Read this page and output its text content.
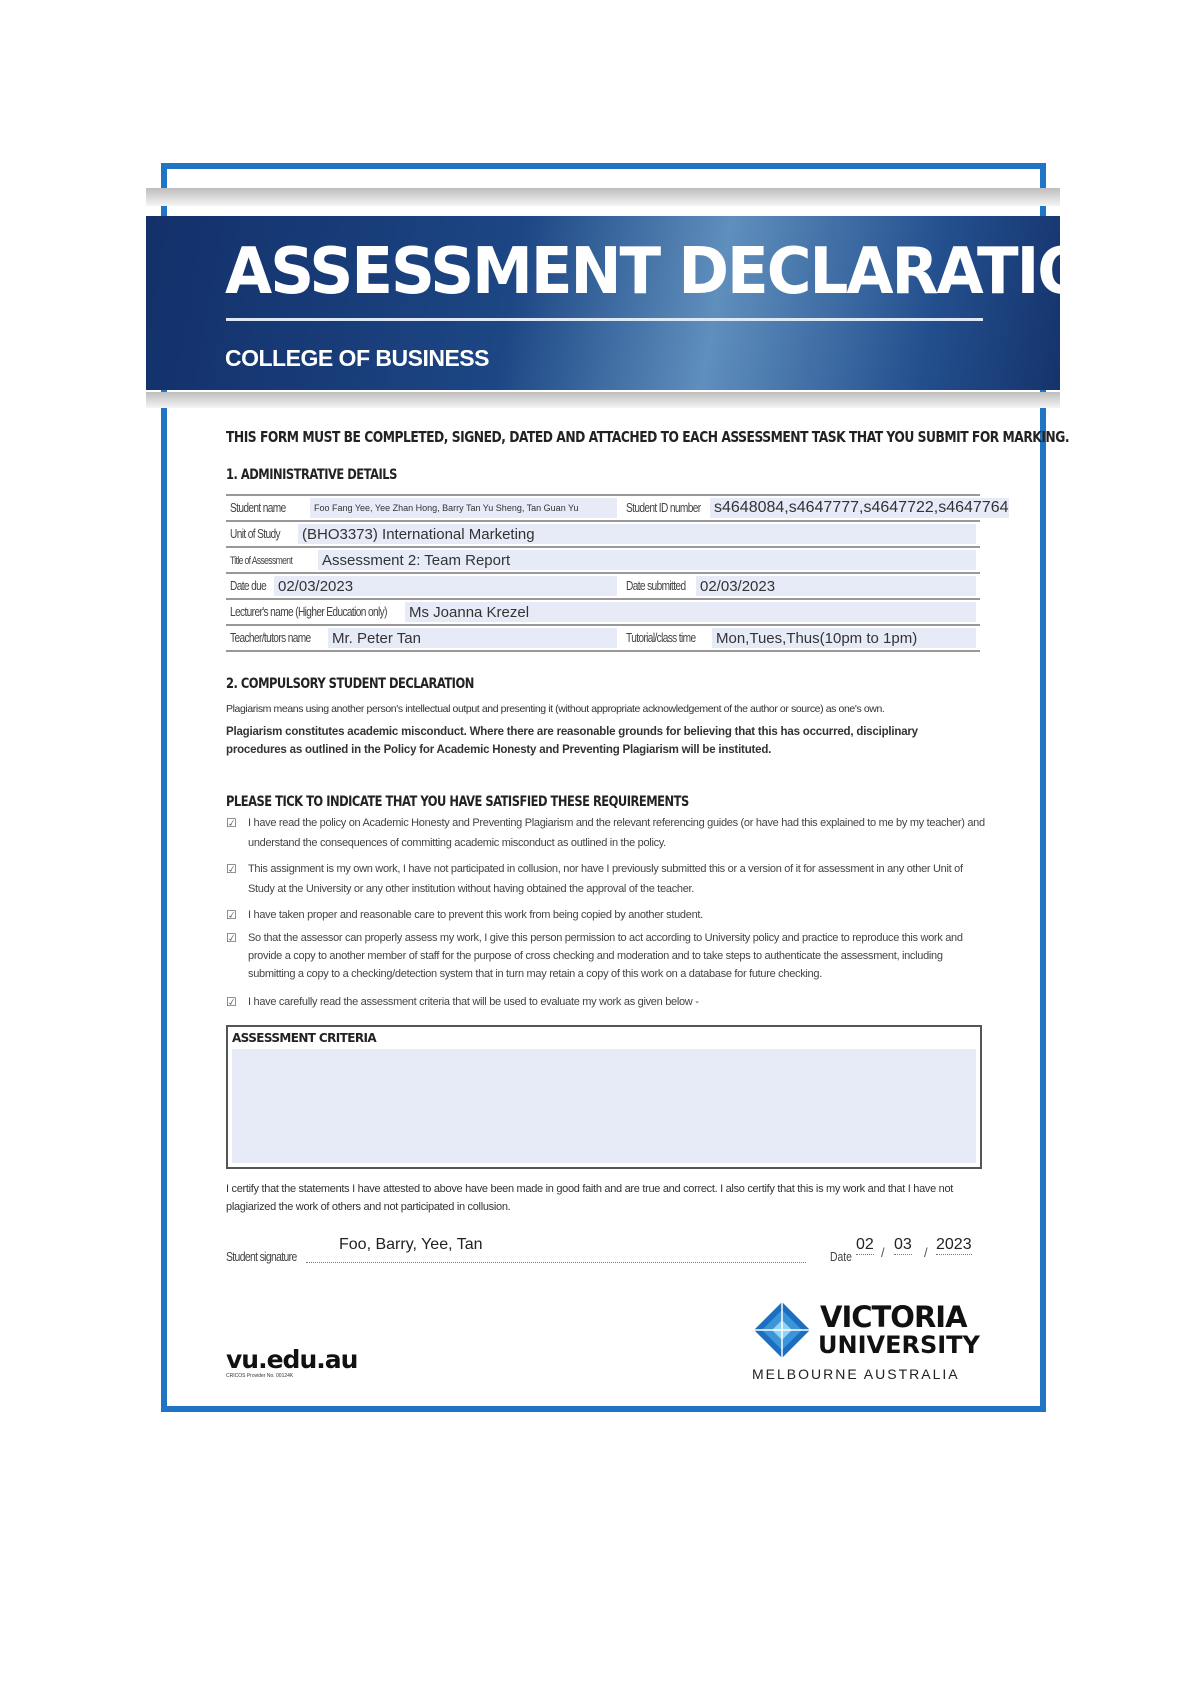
ASSESSMENT DECLARATION
COLLEGE OF BUSINESS
THIS FORM MUST BE COMPLETED, SIGNED, DATED AND ATTACHED TO EACH ASSESSMENT TASK THAT YOU SUBMIT FOR MARKING.
1. ADMINISTRATIVE DETAILS
Student name	Foo Fang Yee, Yee Zhan Hong, Barry Tan Yu Sheng, Tan Guan Yu	Student ID number s4648084,s4647777,s4647722,s4647764
Unit of Study	(BHO3373) International Marketing
Title of Assessment	Assessment 2: Team Report
Date due 02/03/2023	Date submitted 02/03/2023
Lecturer's name (Higher Education only)	Ms Joanna Krezel
Teacher/tutors name	Mr. Peter Tan	Tutorial/class time	Mon,Tues,Thus(10pm to 1pm)
2. COMPULSORY STUDENT DECLARATION
Plagiarism means using another person's intellectual output and presenting it (without appropriate acknowledgement of the author or source) as one's own.
Plagiarism constitutes academic misconduct. Where there are reasonable grounds for believing that this has occurred, disciplinary procedures as outlined in the Policy for Academic Honesty and Preventing Plagiarism will be instituted.
PLEASE TICK TO INDICATE THAT YOU HAVE SATISFIED THESE REQUIREMENTS
☑	I have read the policy on Academic Honesty and Preventing Plagiarism and the relevant referencing guides (or have had this explained to me by my teacher) and understand the consequences of committing academic misconduct as outlined in the policy.
☑	This assignment is my own work, I have not participated in collusion, nor have I previously submitted this or a version of it for assessment in any other Unit of Study at the University or any other institution without having obtained the approval of the teacher.
☑	I have taken proper and reasonable care to prevent this work from being copied by another student.
☑	So that the assessor can properly assess my work, I give this person permission to act according to University policy and practice to reproduce this work and provide a copy to another member of staff for the purpose of cross checking and moderation and to take steps to authenticate the assessment, including submitting a copy to a checking/detection system that in turn may retain a copy of this work on a database for future checking.
☑	I have carefully read the assessment criteria that will be used to evaluate my work as given below -
ASSESSMENT CRITERIA
I certify that the statements I have attested to above have been made in good faith and are true and correct. I also certify that this is my work and that I have not plagiarized the work of others and not participated in collusion.
Student signature
Foo, Barry, Yee, Tan
Date
02 / 03 / 2023
vu.edu.au
CRICOS Provider No. 00124K
VICTORIA
UNIVERSITY
MELBOURNE AUSTRALIA
